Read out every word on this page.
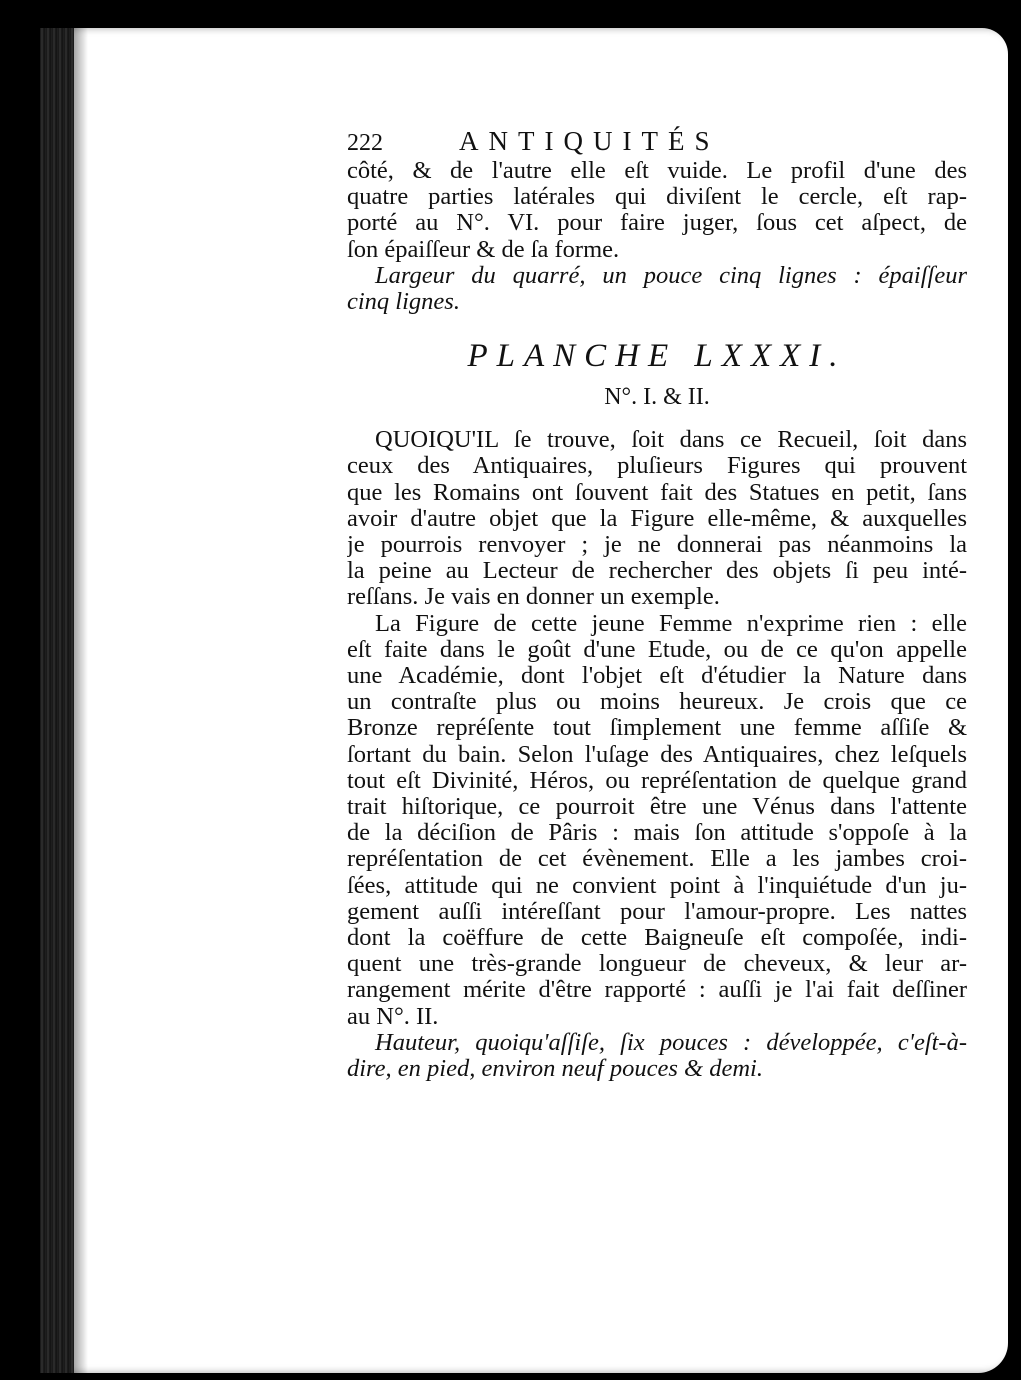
222	ANTIQUITÉS
côté, & de l'autre elle eſt vuide. Le profil d'une des
quatre parties latérales qui diviſent le cercle, eſt rap-
porté au N°. VI. pour faire juger, ſous cet aſpect, de
ſon épaiſſeur & de ſa forme.
Largeur du quarré, un pouce cinq lignes : épaiſſeur
cinq lignes.
PLANCHE LXXXI.
N°. I. & II.
QUOIQU'IL ſe trouve, ſoit dans ce Recueil, ſoit dans
ceux des Antiquaires, pluſieurs Figures qui prouvent
que les Romains ont ſouvent fait des Statues en petit, ſans
avoir d'autre objet que la Figure elle-même, & auxquelles
je pourrois renvoyer ; je ne donnerai pas néanmoins la
la peine au Lecteur de rechercher des objets ſi peu inté-
reſſans. Je vais en donner un exemple.
La Figure de cette jeune Femme n'exprime rien : elle
eſt faite dans le goût d'une Etude, ou de ce qu'on appelle
une Académie, dont l'objet eſt d'étudier la Nature dans
un contraſte plus ou moins heureux. Je crois que ce
Bronze repréſente tout ſimplement une femme aſſiſe &
ſortant du bain. Selon l'uſage des Antiquaires, chez leſquels
tout eſt Divinité, Héros, ou repréſentation de quelque grand
trait hiſtorique, ce pourroit être une Vénus dans l'attente
de la déciſion de Pâris : mais ſon attitude s'oppoſe à la
repréſentation de cet évènement. Elle a les jambes croi-
ſées, attitude qui ne convient point à l'inquiétude d'un ju-
gement auſſi intéreſſant pour l'amour-propre. Les nattes
dont la coëffure de cette Baigneuſe eſt compoſée, indi-
quent une très-grande longueur de cheveux, & leur ar-
rangement mérite d'être rapporté : auſſi je l'ai fait deſſiner
au N°. II.
Hauteur, quoiqu'aſſiſe, ſix pouces : développée, c'eſt-à-
dire, en pied, environ neuf pouces & demi.
